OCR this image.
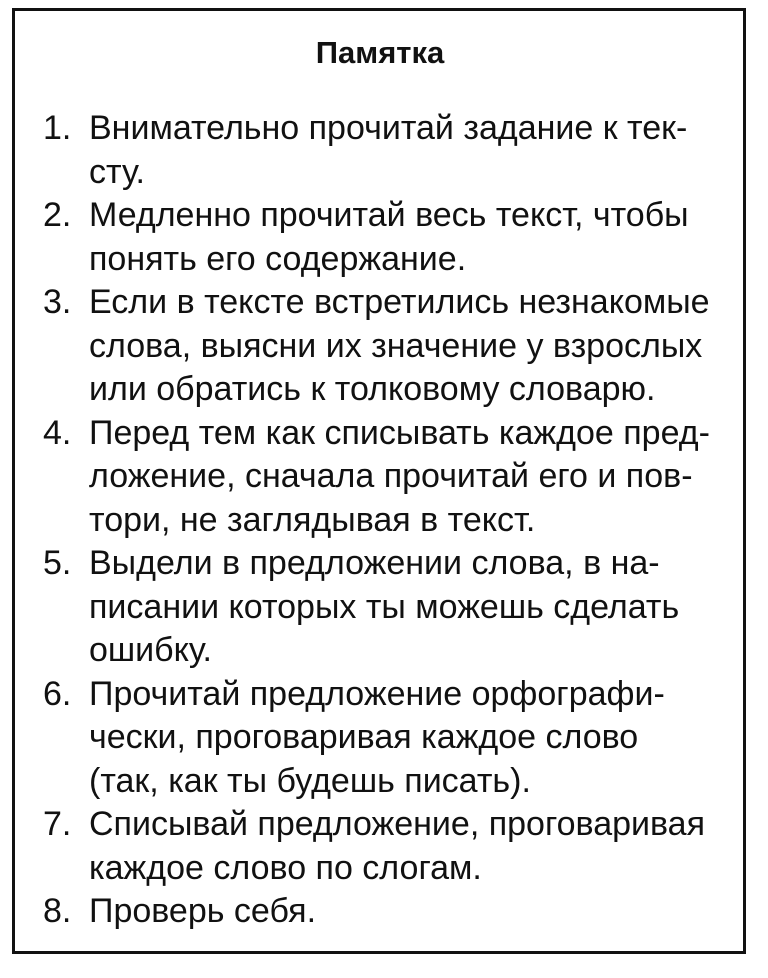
Памятка
1. Внимательно прочитай задание к тек-
сту.
2. Медленно прочитай весь текст, чтобы
понять его содержание.
3. Если в тексте встретились незнакомые
слова, выясни их значение у взрослых
или обратись к толковому словарю.
4. Перед тем как списывать каждое пред-
ложение, сначала прочитай его и пов-
тори, не заглядывая в текст.
5. Выдели в предложении слова, в на-
писании которых ты можешь сделать
ошибку.
6. Прочитай предложение орфографи-
чески, проговаривая каждое слово
(так, как ты будешь писать).
7. Списывай предложение, проговаривая
каждое слово по слогам.
8. Проверь себя.
